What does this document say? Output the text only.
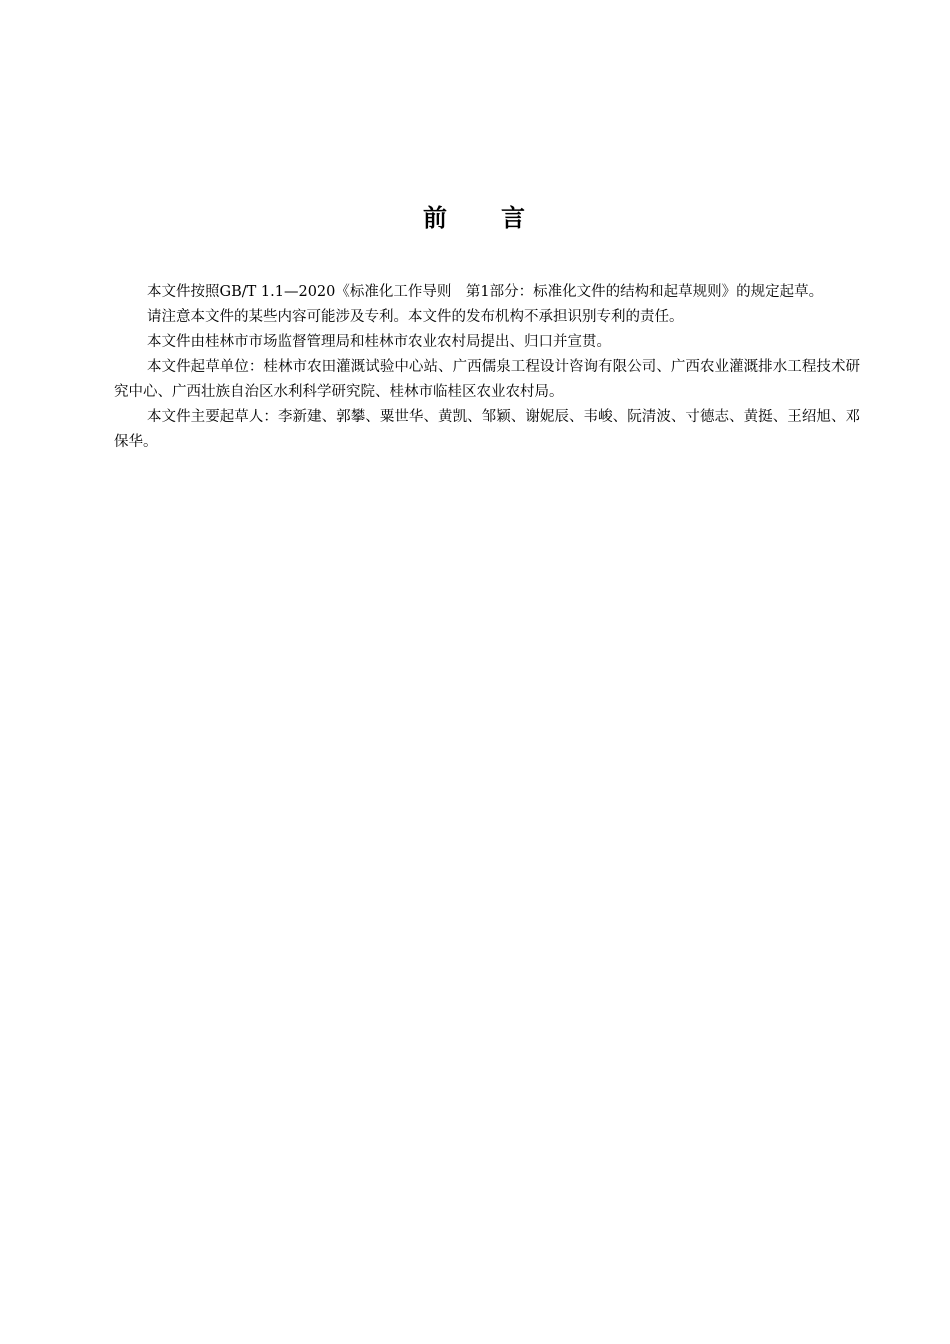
前 言

本文件按照GB/T 1.1—2020《标准化工作导则　第1部分：标准化文件的结构和起草规则》的规定起草。

请注意本文件的某些内容可能涉及专利。本文件的发布机构不承担识别专利的责任。

本文件由桂林市市场监督管理局和桂林市农业农村局提出、归口并宣贯。

本文件起草单位：桂林市农田灌溉试验中心站、广西儒泉工程设计咨询有限公司、广西农业灌溉排水工程技术研究中心、广西壮族自治区水利科学研究院、桂林市临桂区农业农村局。

本文件主要起草人：李新建、郭攀、粟世华、黄凯、邹颖、谢妮辰、韦峻、阮清波、寸德志、黄挺、王绍旭、邓保华。
